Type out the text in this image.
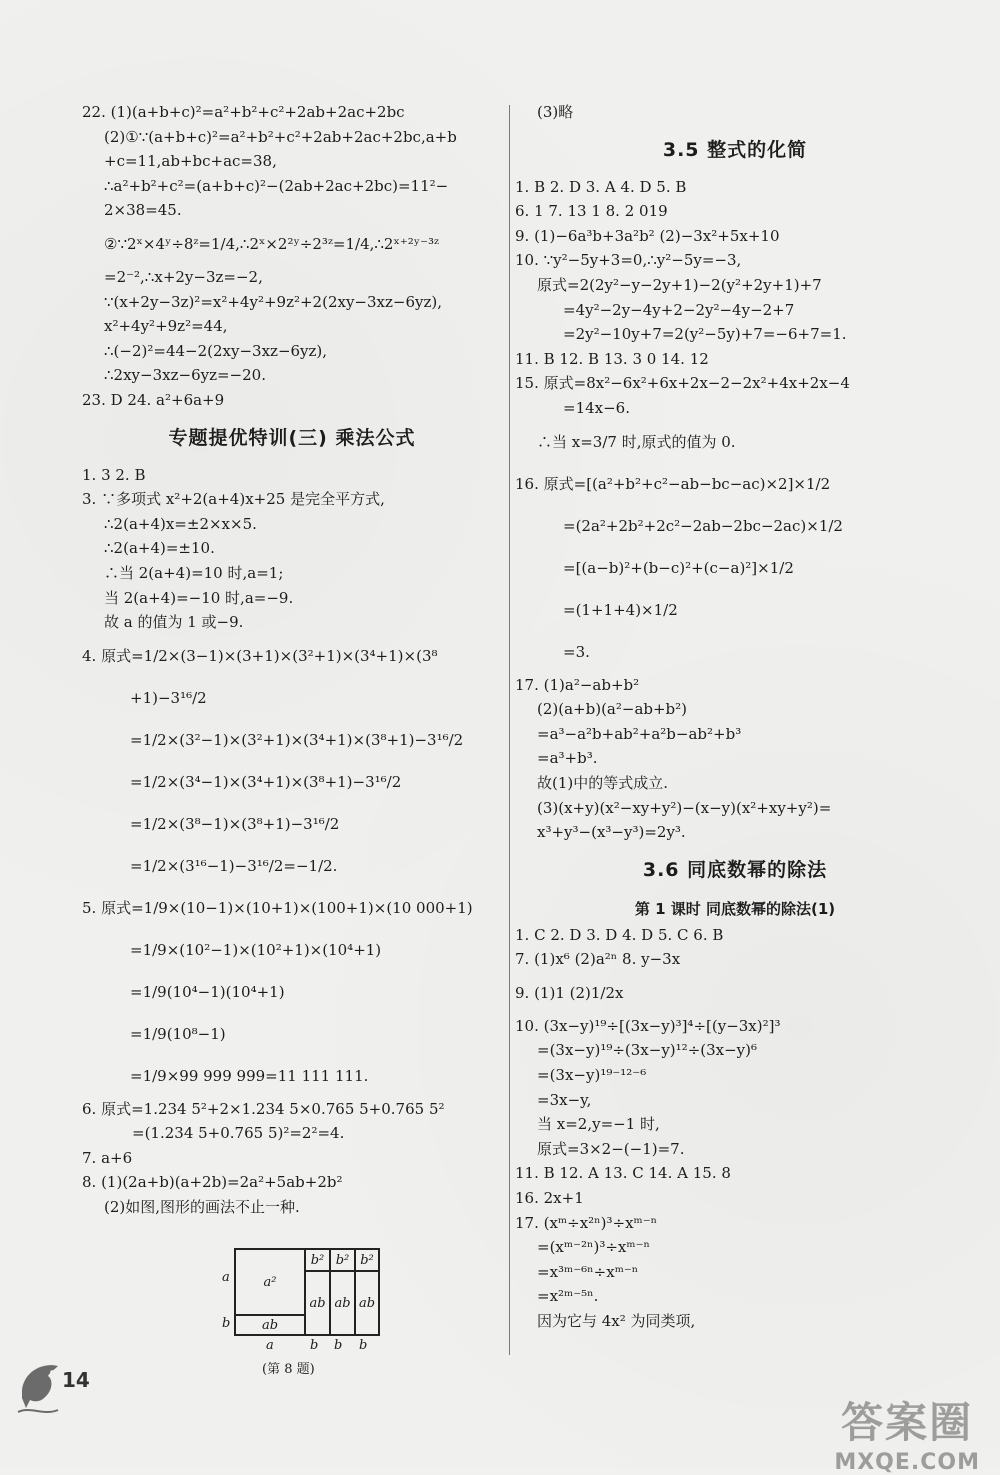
22. (1)(a+b+c)²=a²+b²+c²+2ab+2ac+2bc
(2)①∵(a+b+c)²=a²+b²+c²+2ab+2ac+2bc,a+b
+c=11,ab+bc+ac=38,
∴a²+b²+c²=(a+b+c)²−(2ab+2ac+2bc)=11²−
2×38=45.
②∵2ˣ×4ʸ÷8ᶻ=1/4,∴2ˣ×2²ʸ÷2³ᶻ=1/4,∴2ˣ⁺²ʸ⁻³ᶻ
=2⁻²,∴x+2y−3z=−2,
∵(x+2y−3z)²=x²+4y²+9z²+2(2xy−3xz−6yz),
x²+4y²+9z²=44,
∴(−2)²=44−2(2xy−3xz−6yz),
∴2xy−3xz−6yz=−20.
23. D 24. a²+6a+9
专题提优特训(三) 乘法公式
1. 3 2. B
3. ∵多项式 x²+2(a+4)x+25 是完全平方式,
∴2(a+4)x=±2×x×5.
∴2(a+4)=±10.
∴当 2(a+4)=10 时,a=1;
当 2(a+4)=−10 时,a=−9.
故 a 的值为 1 或−9.
4. 原式=1/2×(3−1)×(3+1)×(3²+1)×(3⁴+1)×(3⁸
+1)−3¹⁶/2
=1/2×(3²−1)×(3²+1)×(3⁴+1)×(3⁸+1)−3¹⁶/2
=1/2×(3⁴−1)×(3⁴+1)×(3⁸+1)−3¹⁶/2
=1/2×(3⁸−1)×(3⁸+1)−3¹⁶/2
=1/2×(3¹⁶−1)−3¹⁶/2=−1/2.
5. 原式=1/9×(10−1)×(10+1)×(100+1)×(10 000+1)
=1/9×(10²−1)×(10²+1)×(10⁴+1)
=1/9(10⁴−1)(10⁴+1)
=1/9(10⁸−1)
=1/9×99 999 999=11 111 111.
6. 原式=1.234 5²+2×1.234 5×0.765 5+0.765 5²
=(1.234 5+0.765 5)²=2²=4.
7. a+6
8. (1)(2a+b)(a+2b)=2a²+5ab+2b²
(2)如图,图形的画法不止一种.
(3)略
3.5 整式的化简
1. B 2. D 3. A 4. D 5. B
6. 1 7. 13 1 8. 2 019
9. (1)−6a³b+3a²b² (2)−3x²+5x+10
10. ∵y²−5y+3=0,∴y²−5y=−3,
原式=2(2y²−y−2y+1)−2(y²+2y+1)+7
=4y²−2y−4y+2−2y²−4y−2+7
=2y²−10y+7=2(y²−5y)+7=−6+7=1.
11. B 12. B 13. 3 0 14. 12
15. 原式=8x²−6x²+6x+2x−2−2x²+4x+2x−4
=14x−6.
∴当 x=3/7 时,原式的值为 0.
16. 原式=[(a²+b²+c²−ab−bc−ac)×2]×1/2
=(2a²+2b²+2c²−2ab−2bc−2ac)×1/2
=[(a−b)²+(b−c)²+(c−a)²]×1/2
=(1+1+4)×1/2
=3.
17. (1)a²−ab+b²
(2)(a+b)(a²−ab+b²)
=a³−a²b+ab²+a²b−ab²+b³
=a³+b³.
故(1)中的等式成立.
(3)(x+y)(x²−xy+y²)−(x−y)(x²+xy+y²)=
x³+y³−(x³−y³)=2y³.
3.6 同底数幂的除法
第 1 课时 同底数幂的除法(1)
1. C 2. D 3. D 4. D 5. C 6. B
7. (1)x⁶ (2)a²ⁿ 8. y−3x
9. (1)1 (2)1/2x
10. (3x−y)¹⁹÷[(3x−y)³]⁴÷[(y−3x)²]³
=(3x−y)¹⁹÷(3x−y)¹²÷(3x−y)⁶
=(3x−y)¹⁹⁻¹²⁻⁶
=3x−y,
当 x=2,y=−1 时,
原式=3×2−(−1)=7.
11. B 12. A 13. C 14. A 15. 8
16. 2x+1
17. (xᵐ÷x²ⁿ)³÷xᵐ⁻ⁿ
=(xᵐ⁻²ⁿ)³÷xᵐ⁻ⁿ
=x³ᵐ⁻⁶ⁿ÷xᵐ⁻ⁿ
=x²ᵐ⁻⁵ⁿ.
因为它与 4x² 为同类项,
a
b
a²
b² b² b²
ab ab ab
ab
a	b b b
(第 8 题)
14
答案圈
MXQE.COM
